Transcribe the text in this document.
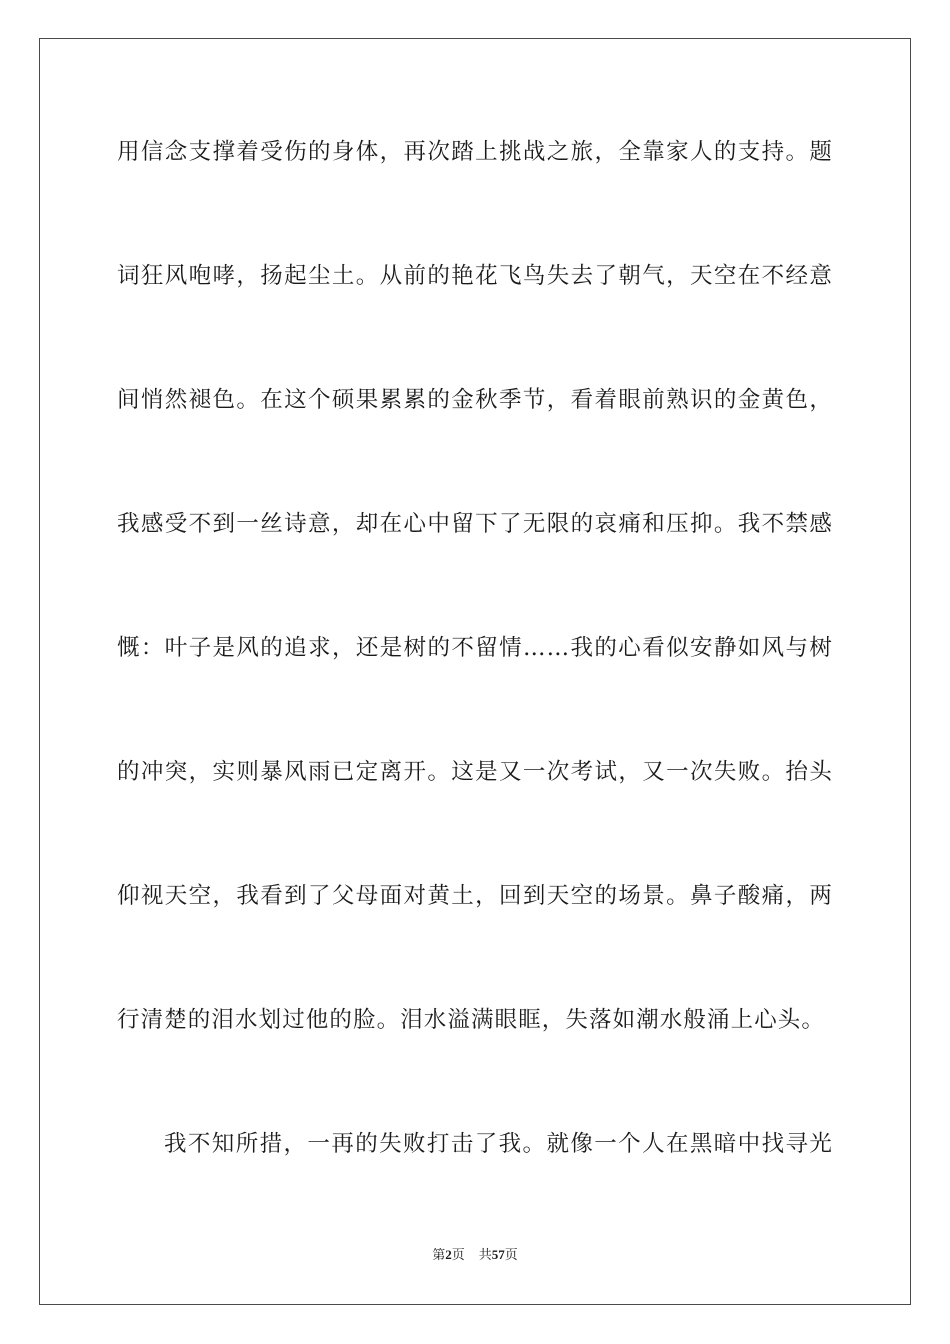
用信念支撑着受伤的身体，再次踏上挑战之旅，全靠家人的支持。题
词狂风咆哮，扬起尘土。从前的艳花飞鸟失去了朝气，天空在不经意
间悄然褪色。在这个硕果累累的金秋季节，看着眼前熟识的金黄色，
我感受不到一丝诗意，却在心中留下了无限的哀痛和压抑。我不禁感
慨：叶子是风的追求，还是树的不留情……我的心看似安静如风与树
的冲突，实则暴风雨已定离开。这是又一次考试，又一次失败。抬头
仰视天空，我看到了父母面对黄土，回到天空的场景。鼻子酸痛，两
行清楚的泪水划过他的脸。泪水溢满眼眶，失落如潮水般涌上心头。
我不知所措，一再的失败打击了我。就像一个人在黑暗中找寻光
第2页 共57页
